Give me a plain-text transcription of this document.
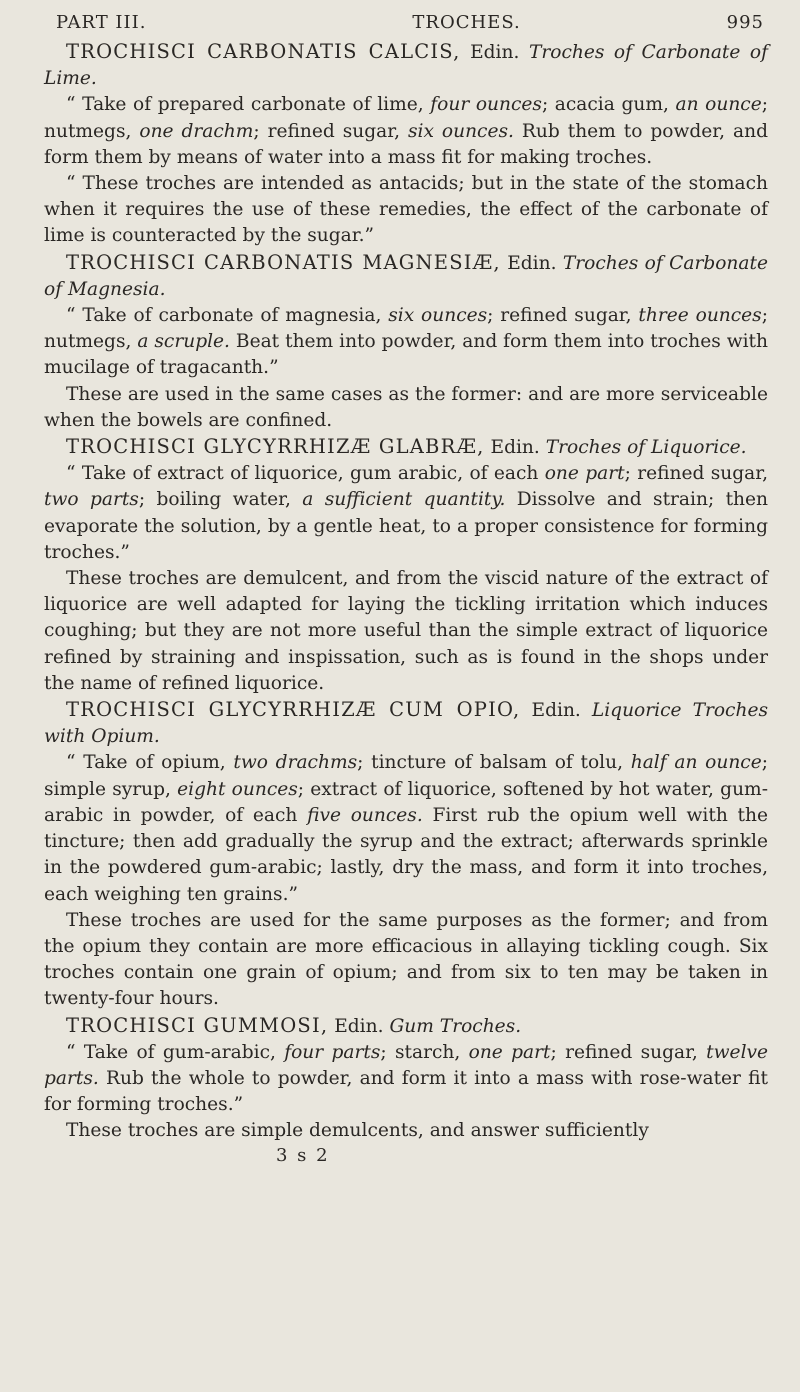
PART III.	TROCHES.	995

TROCHISCI CARBONATIS CALCIS, Edin. Troches of Carbonate of Lime.

“ Take of prepared carbonate of lime, four ounces; acacia gum, an ounce; nutmegs, one drachm; refined sugar, six ounces. Rub them to powder, and form them by means of water into a mass fit for making troches.

“ These troches are intended as antacids; but in the state of the stomach when it requires the use of these remedies, the effect of the carbonate of lime is counteracted by the sugar.”

TROCHISCI CARBONATIS MAGNESIÆ, Edin. Troches of Carbonate of Magnesia.

“ Take of carbonate of magnesia, six ounces; refined sugar, three ounces; nutmegs, a scruple. Beat them into powder, and form them into troches with mucilage of tragacanth.”

These are used in the same cases as the former: and are more serviceable when the bowels are confined.

TROCHISCI GLYCYRRHIZÆ GLABRÆ, Edin. Troches of Liquorice.

“ Take of extract of liquorice, gum arabic, of each one part; refined sugar, two parts; boiling water, a sufficient quantity. Dissolve and strain; then evaporate the solution, by a gentle heat, to a proper consistence for forming troches.”

These troches are demulcent, and from the viscid nature of the extract of liquorice are well adapted for laying the tickling irritation which induces coughing; but they are not more useful than the simple extract of liquorice refined by straining and inspissation, such as is found in the shops under the name of refined liquorice.

TROCHISCI GLYCYRRHIZÆ CUM OPIO, Edin. Liquorice Troches with Opium.

“ Take of opium, two drachms; tincture of balsam of tolu, half an ounce; simple syrup, eight ounces; extract of liquorice, softened by hot water, gum-arabic in powder, of each five ounces. First rub the opium well with the tincture; then add gradually the syrup and the extract; afterwards sprinkle in the powdered gum-arabic; lastly, dry the mass, and form it into troches, each weighing ten grains.”

These troches are used for the same purposes as the former; and from the opium they contain are more efficacious in allaying tickling cough. Six troches contain one grain of opium; and from six to ten may be taken in twenty-four hours.

TROCHISCI GUMMOSI, Edin. Gum Troches.

“ Take of gum-arabic, four parts; starch, one part; refined sugar, twelve parts. Rub the whole to powder, and form it into a mass with rose-water fit for forming troches.”

These troches are simple demulcents, and answer sufficiently

3 s 2
